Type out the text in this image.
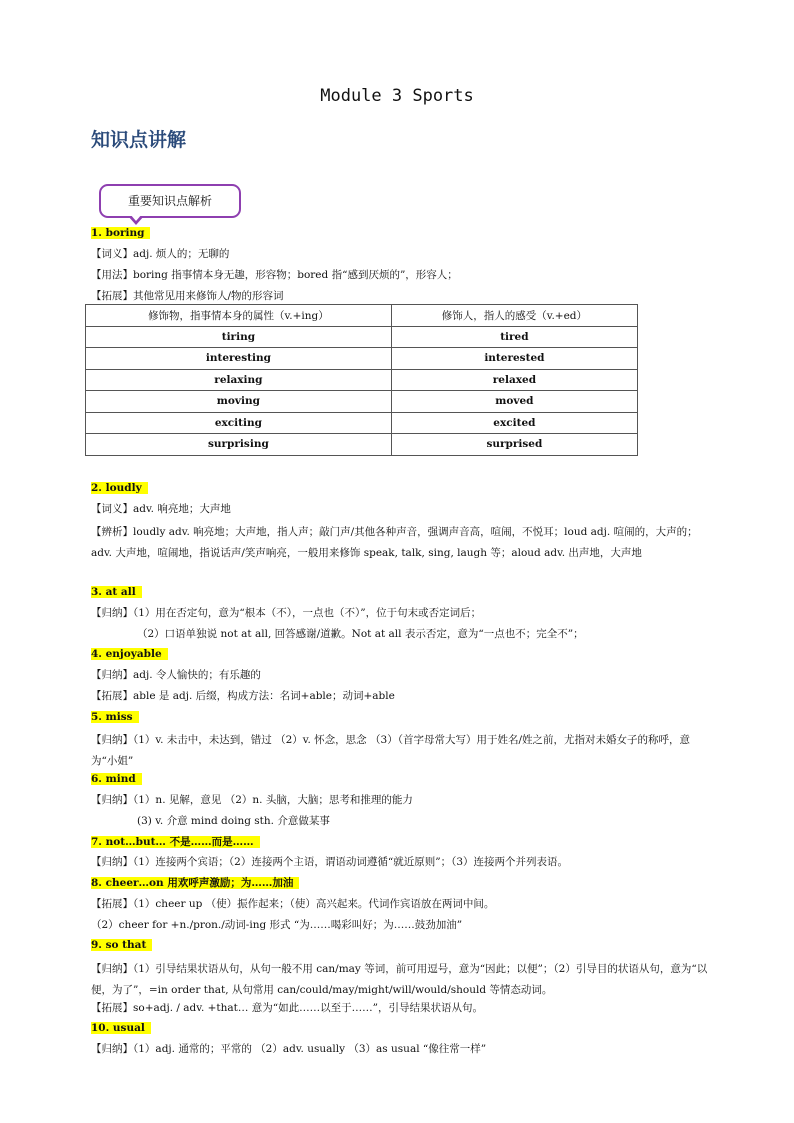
Module 3 Sports
知识点讲解
重要知识点解析
1. boring
【词义】adj. 烦人的；无聊的
【用法】boring 指事情本身无趣，形容物；bored 指“感到厌烦的”，形容人；
【拓展】其他常见用来修饰人/物的形容词
修饰物，指事情本身的属性（v.+ing）	修饰人，指人的感受（v.+ed）
tiring	tired
interesting	interested
relaxing	relaxed
moving	moved
exciting	excited
surprising	surprised
2. loudly
【词义】adv. 响亮地；大声地
【辨析】loudly adv. 响亮地；大声地，指人声；敲门声/其他各种声音，强调声音高，喧闹，不悦耳；loud adj. 喧闹的，大声的；adv. 大声地，喧闹地，指说话声/笑声响亮，一般用来修饰 speak, talk, sing, laugh 等；aloud adv. 出声地，大声地
3. at all
【归纳】（1）用在否定句，意为“根本（不），一点也（不）”，位于句末或否定词后；
（2）口语单独说 not at all, 回答感谢/道歉。Not at all 表示否定，意为“一点也不；完全不”；
4. enjoyable
【归纳】adj. 令人愉快的；有乐趣的
【拓展】able 是 adj. 后缀，构成方法：名词+able；动词+able
5. miss
【归纳】（1）v. 未击中，未达到，错过 （2）v. 怀念，思念 （3）（首字母常大写）用于姓名/姓之前，尤指对未婚女子的称呼，意为“小姐”
6. mind
【归纳】（1）n. 见解，意见 （2）n. 头脑，大脑；思考和推理的能力
(3) v. 介意 mind doing sth. 介意做某事
7. not…but… 不是……而是……
【归纳】（1）连接两个宾语；（2）连接两个主语，谓语动词遵循“就近原则”；（3）连接两个并列表语。
8. cheer…on 用欢呼声激励；为……加油
【拓展】（1）cheer up （使）振作起来；（使）高兴起来。代词作宾语放在两词中间。
（2）cheer for +n./pron./动词-ing 形式 “为……喝彩叫好；为……鼓劲加油”
9. so that
【归纳】（1）引导结果状语从句，从句一般不用 can/may 等词，前可用逗号，意为“因此；以便”；（2）引导目的状语从句，意为“以便，为了”，=in order that, 从句常用 can/could/may/might/will/would/should 等情态动词。
【拓展】so+adj. / adv. +that… 意为“如此……以至于……”，引导结果状语从句。
10. usual
【归纳】（1）adj. 通常的；平常的 （2）adv. usually （3）as usual “像往常一样”
